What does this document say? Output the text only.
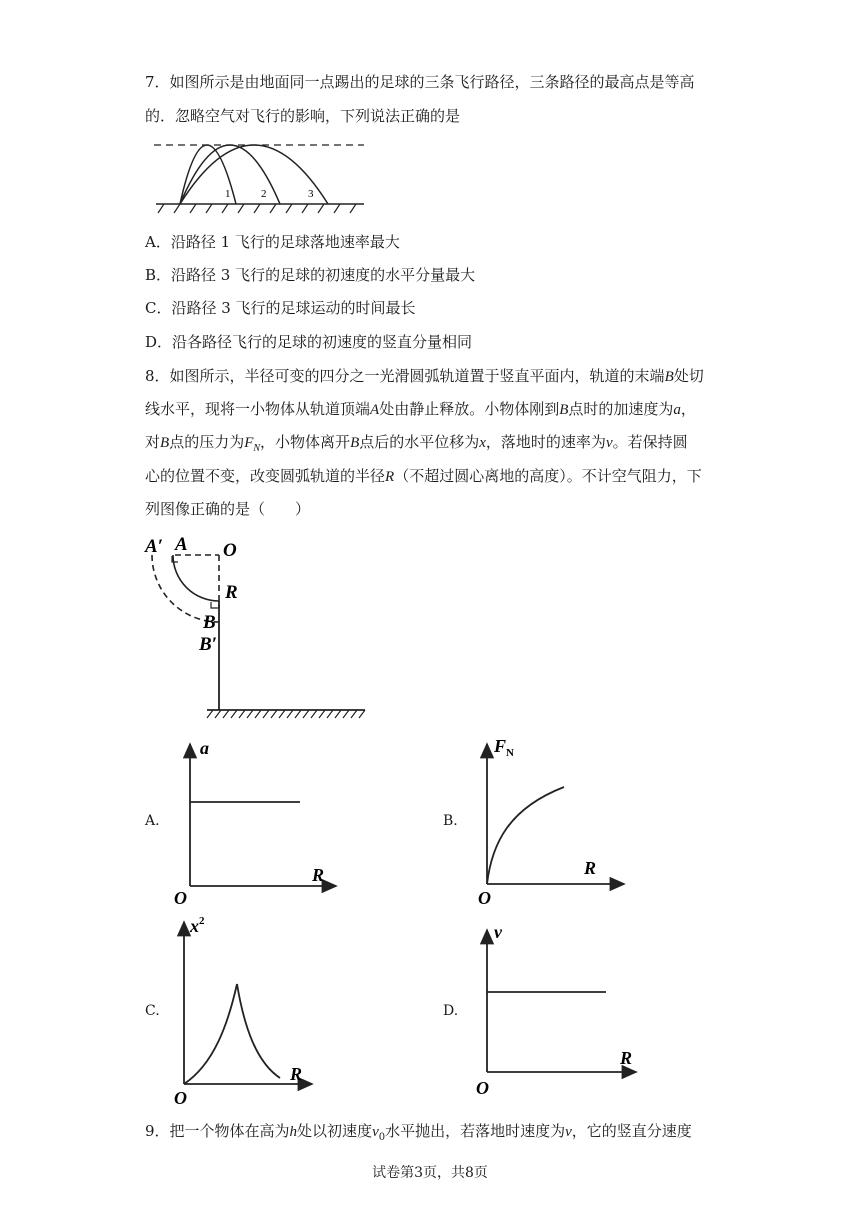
7．如图所示是由地面同一点踢出的足球的三条飞行路径，三条路径的最高点是等高
的．忽略空气对飞行的影响，下列说法正确的是
1	2	3
A．沿路径 1 飞行的足球落地速率最大
B．沿路径 3 飞行的足球的初速度的水平分量最大
C．沿路径 3 飞行的足球运动的时间最长
D．沿各路径飞行的足球的初速度的竖直分量相同
8．如图所示，半径可变的四分之一光滑圆弧轨道置于竖直平面内，轨道的末端B处切
线水平，现将一小物体从轨道顶端A处由静止释放。小物体刚到B点时的加速度为a，
对B点的压力为$F_N$，小物体离开B点后的水平位移为x，落地时的速率为v。若保持圆
心的位置不变，改变圆弧轨道的半径R（不超过圆心离地的高度）。不计空气阻力，下
列图像正确的是（　　）
A′ A O
R
B
B′
A.
a
R
O
B.
$F_N$
R
O
C.
$x^2$
R
O
D.
v
R
O
9．把一个物体在高为h处以初速度$v_0$水平抛出，若落地时速度为v，它的竖直分速度
试卷第3页，共8页
